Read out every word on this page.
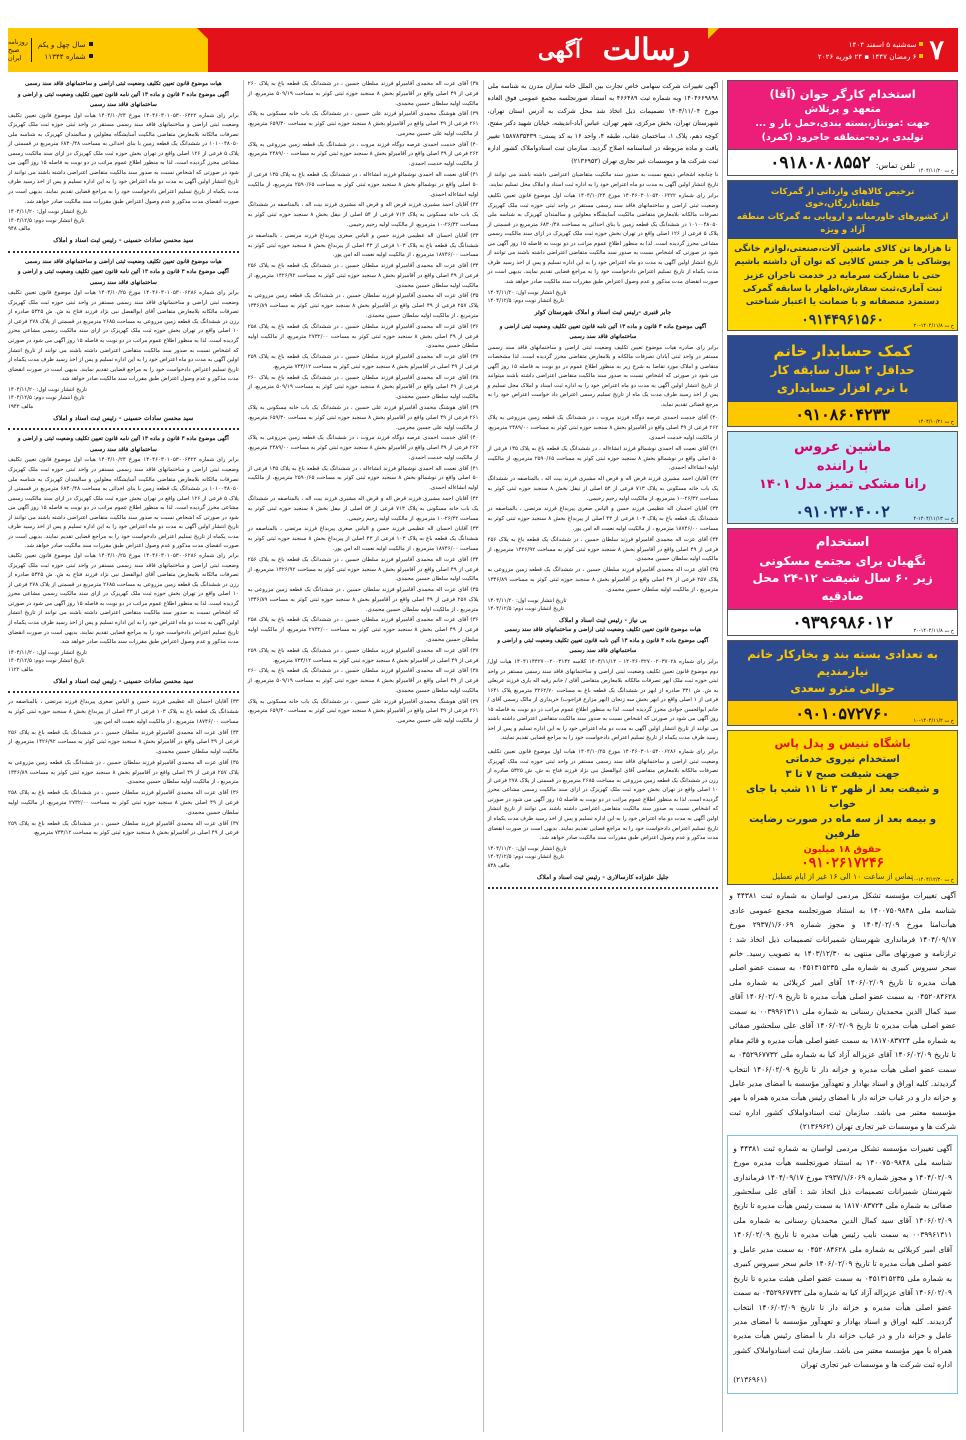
۷
سه‌شنبه ۵ اسفند ۱۴۰۴
۶ رمضان ۱۴۴۷ ▪ ۲۴ فوریه ۲۰۲۶
آگهی رسالت
سال چهل و یکم
شماره ۱۱۳۴۴
روزنامه
صبح
ایران
هیات موضوع قانون تعیین تکلیف وضعیت ثبتی اراضی و ساختمانهای فاقد سند رسمی
آگهی موضوع ماده ۳ قانون و ماده ۱۳ آئین نامه قانون تعیین تکلیف وضعیت ثبتی و اراضی و
ساختمانهای فاقد سند رسمی
برابر رای شماره ۱۴۰۴۶۰۳۰۱۰۵۳۰۰۶۴۲۲ مورخ ۱۴۰۴/۱۰/۲۴ هیات اول موضوع قانون تعیین تکلیف وضعیت ثبتی اراضی و ساختمانهای فاقد سند رسمی مستقر در واحد ثبتی حوزه ثبت ملک کهریزک تصرفات مالکانه بلامعارض متقاضی مالکیت آسایشگاه معلولین و سالمندان کهریزک به شناسه ملی ۱۰۱۰۰۴۸۰۵۰ در ششدانگ یک قطعه زمین با بنای احداثی به مساحت ۶۸۳۰/۴۸ مترمربع در قسمتی از پلاک ۵ فرعی از ۱۲۶ اصلی واقع در تهران بخش حوزه ثبت ملک کهریزک در ازای سند مالکیت رسمی مشاعی محرز گردیده است. لذا به منظور اطلاع عموم مراتب در دو نوبت به فاصله ۱۵ روز آگهی می شود در صورتی که اشخاص نسبت به صدور سند مالکیت متقاضی اعتراضی داشته باشند می توانند از تاریخ انتشار اولین آگهی به مدت دو ماه اعتراض خود را به این اداره تسلیم و پس از اخذ رسید ظرف مدت یکماه از تاریخ تسلیم اعتراض دادخواست خود را به مراجع قضایی تقدیم نمایند. بدیهی است در صورت انقضای مدت مذکور و عدم وصول اعتراض طبق مقررات سند مالکیت صادر خواهد شد.
تاریخ انتشار نوبت اول: ۱۴۰۴/۱۱/۲۰
تاریخ انتشار نوبت دوم: ۱۴۰۴/۱۲/۵
مالف ۹۴۸
سید محسن سادات حسینی - رئیس ثبت اسناد و املاک
هیات موضوع قانون تعیین تکلیف وضعیت ثبتی اراضی و ساختمانهای فاقد سند رسمی
آگهی موضوع ماده ۳ قانون و ماده ۱۳ آئین نامه قانون تعیین تکلیف وضعیت ثبتی و اراضی و
ساختمانهای فاقد سند رسمی
برابر رای شماره ۱۴۰۴۶۰۳۰۱۰۵۳۰۰۶۲۸۶ مورخ ۱۴۰۴/۱۰/۲۵ هیات اول موضوع قانون تعیین تکلیف وضعیت ثبتی اراضی و ساختمانهای فاقد سند رسمی مستقر در واحد ثبتی حوزه ثبت ملک کهریزک تصرفات مالکانه بلامعارض متقاضی آقای ابوالفضل نبی نژاد فرزند فتاح به ش. ش ۵۳۲۵ صادره از رزن در ششدانگ یک قطعه زمین مزروعی به مساحت ۲۶۸۵ مترمربع در قسمتی از پلاک ۲۷۸ فرعی از ۱۰ اصلی واقع در تهران بخش حوزه ثبت ملک کهریزک در ازای سند مالکیت رسمی مشاعی محرز گردیده است. لذا به منظور اطلاع عموم مراتب در دو نوبت به فاصله ۱۵ روز آگهی می شود در صورتی که اشخاص نسبت به صدور سند مالکیت متقاضی اعتراضی داشته باشند می توانند از تاریخ انتشار اولین آگهی به مدت دو ماه اعتراض خود را به این اداره تسلیم و پس از اخذ رسید ظرف مدت یکماه از تاریخ تسلیم اعتراض دادخواست خود را به مراجع قضایی تقدیم نمایند. بدیهی است در صورت انقضای مدت مذکور و عدم وصول اعتراض طبق مقررات سند مالکیت صادر خواهد شد.
تاریخ انتشار نوبت اول: ۱۴۰۴/۱۱/۲۰
تاریخ انتشار نوبت دوم: ۱۴۰۴/۱۲/۵
مالف ۱۹۴۲
سید محسن سادات حسینی - رئیس ثبت اسناد و املاک
آگهی موضوع ماده ۳ قانون و ماده ۱۳ آئین نامه قانون تعیین تکلیف وضعیت ثبتی و اراضی و
ساختمانهای فاقد سند رسمی
برابر رای شماره ۱۴۰۴۶۰۳۰۱۰۵۳۰۰۶۴۲۲ مورخ ۱۴۰۴/۱۰/۲۴ هیات اول موضوع قانون تعیین تکلیف وضعیت ثبتی اراضی و ساختمانهای فاقد سند رسمی مستقر در واحد ثبتی حوزه ثبت ملک کهریزک تصرفات مالکانه بلامعارض متقاضی مالکیت آسایشگاه معلولین و سالمندان کهریزک به شناسه ملی ۱۰۱۰۰۴۸۰۵۰ در ششدانگ یک قطعه زمین با بنای احداثی به مساحت ۶۸۳۰/۴۸ مترمربع در قسمتی از پلاک ۵ فرعی از ۱۲۶ اصلی واقع در تهران بخش حوزه ثبت ملک کهریزک در ازای سند مالکیت رسمی مشاعی محرز گردیده است. لذا به منظور اطلاع عموم مراتب در دو نوبت به فاصله ۱۵ روز آگهی می شود در صورتی که اشخاص نسبت به صدور سند مالکیت متقاضی اعتراضی داشته باشند می توانند از تاریخ انتشار اولین آگهی به مدت دو ماه اعتراض خود را به این اداره تسلیم و پس از اخذ رسید ظرف مدت یکماه از تاریخ تسلیم اعتراض دادخواست خود را به مراجع قضایی تقدیم نمایند. بدیهی است در صورت انقضای مدت مذکور و عدم وصول اعتراض طبق مقررات سند مالکیت صادر خواهد شد.
برابر رای شماره ۱۴۰۴۶۰۳۰۱۰۵۳۰۰۶۲۸۶ مورخ ۱۴۰۴/۱۰/۲۵ هیات اول موضوع قانون تعیین تکلیف وضعیت ثبتی اراضی و ساختمانهای فاقد سند رسمی مستقر در واحد ثبتی حوزه ثبت ملک کهریزک تصرفات مالکانه بلامعارض متقاضی آقای ابوالفضل نبی نژاد فرزند فتاح به ش. ش ۵۳۲۵ صادره از رزن در ششدانگ یک قطعه زمین مزروعی به مساحت ۲۶۸۵ مترمربع در قسمتی از پلاک ۲۷۸ فرعی از ۱۰ اصلی واقع در تهران بخش حوزه ثبت ملک کهریزک در ازای سند مالکیت رسمی مشاعی محرز گردیده است. لذا به منظور اطلاع عموم مراتب در دو نوبت به فاصله ۱۵ روز آگهی می شود در صورتی که اشخاص نسبت به صدور سند مالکیت متقاضی اعتراضی داشته باشند می توانند از تاریخ انتشار اولین آگهی به مدت دو ماه اعتراض خود را به این اداره تسلیم و پس از اخذ رسید ظرف مدت یکماه از تاریخ تسلیم اعتراض دادخواست خود را به مراجع قضایی تقدیم نمایند. بدیهی است در صورت انقضای مدت مذکور و عدم وصول اعتراض طبق مقررات سند مالکیت صادر خواهد شد.
تاریخ انتشار نوبت اول: ۱۴۰۴/۱۱/۲۰
تاریخ انتشار نوبت دوم: ۱۴۰۴/۱۲/۵
مالف ۱۱۲۲
سید محسن سادات حسینی - رئیس ثبت اسناد و املاک

۳۳) آقایان احسان اله عظیمی فرزند حسن و الیاس صغری پیربداغ فرزند مرتضی ، بالمناصفه در ششدانگ یک قطعه باغ به پلاک ۱۰۳ فرعی از ۴۳ اصلی از پیربداغ بخش ۸ سنجبد حوزه ثبتی کوثر به مساحت ۱۸۷۴۶/۰۰ مترمربع ، از مالکیت اولیه نعمت اله امن پور.

۳۴) آقای عزت اله محمدی آقامیرلو فرزند سلطان حسین ، در ششدانگ یک قطعه باغ به پلاک ۲۵۶ فرعی از ۴۹ اصلی واقع در آقامیرلو بخش ۸ سنجبد حوزه ثبتی کوثر به مساحت ۱۴۲۶/۹۲ مترمربع، از مالکیت اولیه سلطان حسین محمدی.

۳۵) آقای عزت اله محمدی آقامیرلو فرزند سلطان حسین ، در ششدانگ یک قطعه زمین مزروعی به پلاک ۲۵۷ فرعی از ۴۹ اصلی واقع در آقامیرلو بخش ۸ سنجبد حوزه ثبتی کوثر به مساحت ۱۳۴۶/۸۹ مترمربع ، از مالکیت اولیه سلطان حسین محمدی.

۳۶) آقای عزت اله محمدی آقامیرلو فرزند سلطان حسین ، در ششدانگ یک قطعه باغ به پلاک ۲۵۸ فرعی از ۴۹ اصلی بخش ۸ سنجبد حوزه ثبتی کوثر به مساحت ۲۷۳۲/۰۰ مترمربع، از مالکیت اولیه سلطان حسین محمدی.

۳۷) آقای عزت اله محمدی آقامیرلو فرزند سلطان حسین ، در ششدانگ یک قطعه باغ به پلاک ۲۵۹ فرعی از ۴۹ اصلی در آقامیرلو بخش ۸ سنجبد حوزه ثبتی کوثر به مساحت ۷۳۴/۱۲ مترمربع،

۳۸) آقای عزت اله محمدی آقامیرلو فرزند سلطان حسین ، در ششدانگ یک قطعه باغ به پلاک ۲۶۰ فرعی از ۴۹ اصلی واقع در آقامیرلو بخش ۸ سنجبد حوزه ثبتی کوثر به مساحت ۵۰۹/۱۹ مترمربع، از مالکیت اولیه سلطان حسین محمدی.

۳۹) آقای هوشنگ محمدی آقامیرلو فرزند علی حسین ، در ششدانگ یک باب خانه مسکونی به پلاک ۲۶۱ فرعی از ۴۹ اصلی واقع در آقامیرلو بخش ۸ سنجبد حوزه ثبتی کوثر به مساحت ۶۵۹/۳۰ مترمربع، از مالکیت اولیه علی حسین محرمی.

۴۰) آقای خدمت احمدی عرصه دوگاه فرزند مروت ، در ششدانگ یک قطعه زمین مزروعی به پلاک ۲۶۲ فرعی از ۴۹ اصلی واقع در آقامیرلو بخش ۸ سنجبد حوزه ثبتی کوثر به مساحت ۲۴۸۹/۰۰ مترمربع، از مالکیت اولیه خدمت احمدی.

۴۱) آقای نعمت اله احمدی نوشمالو فرزند انشاءاله ، در ششدانگ یک قطعه باغ به پلاک ۱۳۵ فرعی از ۵۰ اصلی واقع در نوشمالو بخش ۸ سنجبد حوزه ثبتی کوثر به مساحت ۲۵۹۰/۶۵ مترمربع، از مالکیت اولیه انشاءاله احمدی.

۴۲) آقایان احمد مشیری فرزند قرض اله و قرض اله مشیری فرزند بیت اله ، بالمناصفه در ششدانگ یک باب خانه مسکونی به پلاک ۷۱۳ فرعی از ۵۴ اصلی از نیفل بخش ۸ سنجبد حوزه ثبتی کوثر به مساحت ۲۶/۳۲-۱۰ مترمربع، از مالکیت اولیه رحیم رحیمی.

۳۳) آقایان احسان اله عظیمی فرزند حسن و الیاس صغری پیربداغ فرزند مرتضی ، بالمناصفه در ششدانگ یک قطعه باغ به پلاک ۱۰۳ فرعی از ۴۳ اصلی از پیربداغ بخش ۸ سنجبد حوزه ثبتی کوثر به مساحت ۱۸۷۴۶/۰۰ مترمربع ، از مالکیت اولیه نعمت اله امن پور.

۳۴) آقای عزت اله محمدی آقامیرلو فرزند سلطان حسین ، در ششدانگ یک قطعه باغ به پلاک ۲۵۶ فرعی از ۴۹ اصلی واقع در آقامیرلو بخش ۸ سنجبد حوزه ثبتی کوثر به مساحت ۱۴۲۶/۹۲ مترمربع، از مالکیت اولیه سلطان حسین محمدی.

۳۵) آقای عزت اله محمدی آقامیرلو فرزند سلطان حسین ، در ششدانگ یک قطعه زمین مزروعی به پلاک ۲۵۷ فرعی از ۴۹ اصلی واقع در آقامیرلو بخش ۸ سنجبد حوزه ثبتی کوثر به مساحت ۱۳۴۶/۸۹ مترمربع ، از مالکیت اولیه سلطان حسین محمدی.

۳۶) آقای عزت اله محمدی آقامیرلو فرزند سلطان حسین ، در ششدانگ یک قطعه باغ به پلاک ۲۵۸ فرعی از ۴۹ اصلی بخش ۸ سنجبد حوزه ثبتی کوثر به مساحت ۲۷۳۲/۰۰ مترمربع، از مالکیت اولیه سلطان حسین محمدی.

۳۷) آقای عزت اله محمدی آقامیرلو فرزند سلطان حسین ، در ششدانگ یک قطعه باغ به پلاک ۲۵۹ فرعی از ۴۹ اصلی در آقامیرلو بخش ۸ سنجبد حوزه ثبتی کوثر به مساحت ۷۳۴/۱۲ مترمربع،

۳۸) آقای عزت اله محمدی آقامیرلو فرزند سلطان حسین ، در ششدانگ یک قطعه باغ به پلاک ۲۶۰ فرعی از ۴۹ اصلی واقع در آقامیرلو بخش ۸ سنجبد حوزه ثبتی کوثر به مساحت ۵۰۹/۱۹ مترمربع، از مالکیت اولیه سلطان حسین محمدی.

۳۹) آقای هوشنگ محمدی آقامیرلو فرزند علی حسین ، در ششدانگ یک باب خانه مسکونی به پلاک ۲۶۱ فرعی از ۴۹ اصلی واقع در آقامیرلو بخش ۸ سنجبد حوزه ثبتی کوثر به مساحت ۶۵۹/۳۰ مترمربع، از مالکیت اولیه علی حسین محرمی.

۴۰) آقای خدمت احمدی عرصه دوگاه فرزند مروت ، در ششدانگ یک قطعه زمین مزروعی به پلاک ۲۶۲ فرعی از ۴۹ اصلی واقع در آقامیرلو بخش ۸ سنجبد حوزه ثبتی کوثر به مساحت ۲۴۸۹/۰۰ مترمربع، از مالکیت اولیه خدمت احمدی.

۴۱) آقای نعمت اله احمدی نوشمالو فرزند انشاءاله ، در ششدانگ یک قطعه باغ به پلاک ۱۳۵ فرعی از ۵۰ اصلی واقع در نوشمالو بخش ۸ سنجبد حوزه ثبتی کوثر به مساحت ۲۵۹۰/۶۵ مترمربع، از مالکیت اولیه انشاءاله احمدی.

۴۲) آقایان احمد مشیری فرزند قرض اله و قرض اله مشیری فرزند بیت اله ، بالمناصفه در ششدانگ یک باب خانه مسکونی به پلاک ۷۱۳ فرعی از ۵۴ اصلی از نیفل بخش ۸ سنجبد حوزه ثبتی کوثر به مساحت ۲۶/۳۲-۱۰ مترمربع، از مالکیت اولیه رحیم رحیمی.

۳۳) آقایان احسان اله عظیمی فرزند حسن و الیاس صغری پیربداغ فرزند مرتضی ، بالمناصفه در ششدانگ یک قطعه باغ به پلاک ۱۰۳ فرعی از ۴۳ اصلی از پیربداغ بخش ۸ سنجبد حوزه ثبتی کوثر به مساحت ۱۸۷۴۶/۰۰ مترمربع ، از مالکیت اولیه نعمت اله امن پور.

۳۴) آقای عزت اله محمدی آقامیرلو فرزند سلطان حسین ، در ششدانگ یک قطعه باغ به پلاک ۲۵۶ فرعی از ۴۹ اصلی واقع در آقامیرلو بخش ۸ سنجبد حوزه ثبتی کوثر به مساحت ۱۴۲۶/۹۲ مترمربع، از مالکیت اولیه سلطان حسین محمدی.

۳۵) آقای عزت اله محمدی آقامیرلو فرزند سلطان حسین ، در ششدانگ یک قطعه زمین مزروعی به پلاک ۲۵۷ فرعی از ۴۹ اصلی واقع در آقامیرلو بخش ۸ سنجبد حوزه ثبتی کوثر به مساحت ۱۳۴۶/۸۹ مترمربع ، از مالکیت اولیه سلطان حسین محمدی.

۳۶) آقای عزت اله محمدی آقامیرلو فرزند سلطان حسین ، در ششدانگ یک قطعه باغ به پلاک ۲۵۸ فرعی از ۴۹ اصلی بخش ۸ سنجبد حوزه ثبتی کوثر به مساحت ۲۷۳۲/۰۰ مترمربع، از مالکیت اولیه سلطان حسین محمدی.

۳۷) آقای عزت اله محمدی آقامیرلو فرزند سلطان حسین ، در ششدانگ یک قطعه باغ به پلاک ۲۵۹ فرعی از ۴۹ اصلی در آقامیرلو بخش ۸ سنجبد حوزه ثبتی کوثر به مساحت ۷۳۴/۱۲ مترمربع،

۳۸) آقای عزت اله محمدی آقامیرلو فرزند سلطان حسین ، در ششدانگ یک قطعه باغ به پلاک ۲۶۰ فرعی از ۴۹ اصلی واقع در آقامیرلو بخش ۸ سنجبد حوزه ثبتی کوثر به مساحت ۵۰۹/۱۹ مترمربع، از مالکیت اولیه سلطان حسین محمدی.

۳۹) آقای هوشنگ محمدی آقامیرلو فرزند علی حسین ، در ششدانگ یک باب خانه مسکونی به پلاک ۲۶۱ فرعی از ۴۹ اصلی واقع در آقامیرلو بخش ۸ سنجبد حوزه ثبتی کوثر به مساحت ۶۵۹/۳۰ مترمربع، از مالکیت اولیه علی حسین محرمی.

آگهی تغییرات شرکت سهامی خاص تجارت بین الملل خانه سازان مدرن به شناسه ملی ۱۴۰۴۶۶۹۸۹۸ وبه شماره ثبت ۴۶۶۴۸۹ به استناد صورتجلسه مجمع عمومی فوق العاده مورخ ۱۴۰۴/۱۱/۰۴ تصمیمات ذیل اتخاذ شد محل شرکت به آدرس استان تهران، شهرستان تهران، بخش مرکزی، شهر تهران، عباس آباد-اندیشه، خیابان شهید دکتر مفتح، کوچه دهم، پلاک ۱، ساختمان عقاب، طبقه ۴، واحد ۱۶ به کد پستی: ۱۵۸۷۸۳۵۴۳۹ تغییر یافت و ماده مربوطه در اساسنامه اصلاح گردید. سازمان ثبت اسنادواملاک کشور اداره ثبت شرکت ها و موسسات غیر تجاری تهران (۲۱۳۶۹۵۳)

نا چنانچه اشخاص ذینفع نسبت به صدور سند مالکیت متقاضیان اعتراضی داشته باشند می توانند از تاریخ انتشار اولین آگهی به مدت دو ماه اعتراض خود را به اداره ثبت اسناد و املاک محل تسلیم نمایند.

برابر رای شماره ۱۴۰۴۶۰۳۰۱۰۵۳۰۰۶۴۲۲ مورخ ۱۴۰۴/۱۰/۲۴ هیات اول موضوع قانون تعیین تکلیف وضعیت ثبتی اراضی و ساختمانهای فاقد سند رسمی مستقر در واحد ثبتی حوزه ثبت ملک کهریزک تصرفات مالکانه بلامعارض متقاضی مالکیت آسایشگاه معلولین و سالمندان کهریزک به شناسه ملی ۱۰۱۰۰۴۸۰۵۰ در ششدانگ یک قطعه زمین با بنای احداثی به مساحت ۶۸۳۰/۴۸ مترمربع در قسمتی از پلاک ۵ فرعی از ۱۲۶ اصلی واقع در تهران بخش حوزه ثبت ملک کهریزک در ازای سند مالکیت رسمی مشاعی محرز گردیده است. لذا به منظور اطلاع عموم مراتب در دو نوبت به فاصله ۱۵ روز آگهی می شود در صورتی که اشخاص نسبت به صدور سند مالکیت متقاضی اعتراضی داشته باشند می توانند از تاریخ انتشار اولین آگهی به مدت دو ماه اعتراض خود را به این اداره تسلیم و پس از اخذ رسید ظرف مدت یکماه از تاریخ تسلیم اعتراض دادخواست خود را به مراجع قضایی تقدیم نمایند. بدیهی است در صورت انقضای مدت مذکور و عدم وصول اعتراض طبق مقررات سند مالکیت صادر خواهد شد.
تاریخ انتشار نوبت اول: ۱۴۰۴/۱۱/۲۰
تاریخ انتشار نوبت دوم: ۱۴۰۴/۱۲/۵
جابر قنبری -رئیس ثبت اسناد و املاک شهرستان کوثر
آگهی موضوع ماده ۳ قانون و ماده ۱۳ آئین نامه قانون تعیین تکلیف وضعیت ثبتی اراضی و
ساختمانهای فاقد سند رسمی
برابر رای صادره هیات موضوع تعیین تکلیف وضعیت ثبتی اراضی و ساختمانهای فاقد سند رسمی مستقر در واحد ثبتی آبادان تصرفات مالکانه و بلامعارض متقاضی محرز گردیده است. لذا مشخصات متقاضی و املاک مورد تقاضا به شرح زیر به منظور اطلاع عموم در دو نوبت به فاصله ۱۵ روز آگهی می شود در صورتی که اشخاص نسبت به صدور سند مالکیت متقاضی اعتراضی داشته باشند میتوانند از تاریخ انتشار اولین آگهی به مدت دو ماه اعتراض خود را به اداره ثبت اسناد و املاک محل تسلیم و پس از اخذ رسید ظرف مدت یک ماه از تاریخ تسلیم رسمی اعتراض داد خواست اعتراض خود را به مرجع قضائی تقدیم نماید.

۴۰) آقای خدمت احمدی عرصه دوگاه فرزند مروت ، در ششدانگ یک قطعه زمین مزروعی به پلاک ۲۶۲ فرعی از ۴۹ اصلی واقع در آقامیرلو بخش ۸ سنجبد حوزه ثبتی کوثر به مساحت ۲۴۸۹/۰۰ مترمربع، از مالکیت اولیه خدمت احمدی.

۴۱) آقای نعمت اله احمدی نوشمالو فرزند انشاءاله ، در ششدانگ یک قطعه باغ به پلاک ۱۳۵ فرعی از ۵۰ اصلی واقع در نوشمالو بخش ۸ سنجبد حوزه ثبتی کوثر به مساحت ۲۵۹۰/۶۵ مترمربع، از مالکیت اولیه انشاءاله احمدی.

۴۲) آقایان احمد مشیری فرزند قرض اله و قرض اله مشیری فرزند بیت اله ، بالمناصفه در ششدانگ یک باب خانه مسکونی به پلاک ۷۱۳ فرعی از ۵۴ اصلی از نیفل بخش ۸ سنجبد حوزه ثبتی کوثر به مساحت ۲۶/۳۲-۱۰ مترمربع، از مالکیت اولیه رحیم رحیمی.

۳۳) آقایان احسان اله عظیمی فرزند حسن و الیاس صغری پیربداغ فرزند مرتضی ، بالمناصفه در ششدانگ یک قطعه باغ به پلاک ۱۰۳ فرعی از ۴۳ اصلی از پیربداغ بخش ۸ سنجبد حوزه ثبتی کوثر به مساحت ۱۸۷۴۶/۰۰ مترمربع ، از مالکیت اولیه نعمت اله امن پور.

۳۴) آقای عزت اله محمدی آقامیرلو فرزند سلطان حسین ، در ششدانگ یک قطعه باغ به پلاک ۲۵۶ فرعی از ۴۹ اصلی واقع در آقامیرلو بخش ۸ سنجبد حوزه ثبتی کوثر به مساحت ۱۴۲۶/۹۲ مترمربع، از مالکیت اولیه سلطان حسین محمدی.

۳۵) آقای عزت اله محمدی آقامیرلو فرزند سلطان حسین ، در ششدانگ یک قطعه زمین مزروعی به پلاک ۲۵۷ فرعی از ۴۹ اصلی واقع در آقامیرلو بخش ۸ سنجبد حوزه ثبتی کوثر به مساحت ۱۳۴۶/۸۹ مترمربع ، از مالکیت اولیه سلطان حسین محمدی.

تاریخ انتشار نوبت اول: ۱۴۰۴/۱۱/۲۰
تاریخ انتشار نوبت دوم: ۱۴۰۴/۱۲/۵
بی نیاز - رئیس ثبت اسناد و املاک
هیات موضوع قانون تعیین تکلیف وضعیت ثبتی اراضی و ساختمانهای فاقد سند رسمی
آگهی موضوع ماده ۳ قانون و ماده ۱۳ آئین نامه قانون تعیین تکلیف وضعیت ثبتی و اراضی و
ساختمانهای فاقد سند رسمی
برابر رای شماره ۱۴۰۴۶۰۳۲۷۰۰۲۰۳۷۰۲۸ - ۱۴۰۴/۱۱/۱۴ کلاسه ۱۴۰۴۱۱۴۴۲۷۰۰۲۰۰۳۱۴۲ هیات اول/دوم موضوع قانون تعیین تکلیف وضعیت ثبتی اراضی و ساختمانهای فاقد سند رسمی مستقر در واحد ثبتی حوزه ثبت ملک ابهر تصرفات مالکانه بلامعارض متقاضی آقای / خانم رقیه اله یاری فرزند عربعلی به ش. ش ۳۳۱ صادره از ابهر در ششدانگ یک قطعه باغ به مساحت ۳۲۶۲/۷۰ مترمربع پلاک ۱۶۴۱ فرعی از ۱ اصلی واقع در ابهر بخش سه زنجان (ابهر مزارع قراجوب) خریداری از مالک رسمی آقای / خانم ابوالحسن جوادی محرز گردیده است. لذا به منظور اطلاع عموم مراتب در دو نوبت به فاصله ۱۵ روز آگهی می شود در صورتی که اشخاص نسبت به صدور سند مالکیت متقاضی اعتراضی داشته باشند می توانند از تاریخ انتشار اولین آگهی به مدت دو ماه اعتراض خود را به این اداره تسلیم و پس از اخذ رسید ظرف مدت یکماه از تاریخ تسلیم اعتراض دادخواست خود را به مراجع قضایی تقدیم نمایند.
برابر رای شماره ۱۴۰۴۶۰۳۰۱۰۵۳۰۰۶۲۸۶ مورخ ۱۴۰۴/۱۰/۲۵ هیات اول موضوع قانون تعیین تکلیف وضعیت ثبتی اراضی و ساختمانهای فاقد سند رسمی مستقر در واحد ثبتی حوزه ثبت ملک کهریزک تصرفات مالکانه بلامعارض متقاضی آقای ابوالفضل نبی نژاد فرزند فتاح به ش. ش ۵۳۲۵ صادره از رزن در ششدانگ یک قطعه زمین مزروعی به مساحت ۲۶۸۵ مترمربع در قسمتی از پلاک ۲۷۸ فرعی از ۱۰ اصلی واقع در تهران بخش حوزه ثبت ملک کهریزک در ازای سند مالکیت رسمی مشاعی محرز گردیده است. لذا به منظور اطلاع عموم مراتب در دو نوبت به فاصله ۱۵ روز آگهی می شود در صورتی که اشخاص نسبت به صدور سند مالکیت متقاضی اعتراضی داشته باشند می توانند از تاریخ انتشار اولین آگهی به مدت دو ماه اعتراض خود را به این اداره تسلیم و پس از اخذ رسید ظرف مدت یکماه از تاریخ تسلیم اعتراض دادخواست خود را به مراجع قضایی تقدیم نمایند. بدیهی است در صورت انقضای مدت مذکور و عدم وصول اعتراض طبق مقررات سند مالکیت صادر خواهد شد.
تاریخ انتشار نوبت اول: ۱۴۰۴/۱۱/۲۰
تاریخ انتشار نوبت دوم: ۱۴۰۴/۱۲/۵
مالف ۸۳۸
جلیل علیزاده کارسالاری - رئیس ثبت اسناد و املاک
استخدام کارگر جوان (آقا)
متعهد و پرتلاش
جهت :مونتاژ،بسته بندی،حمل بار و ...
تولیدی پرده-منطقه جاجرود (کمرد)
تلفن تماس: ۰۹۱۸۰۸۰۸۵۵۲	خ ت ۱۴۰۴/۱۱/۲۰
ترخیص کالاهای وارداتی از گمرکات جلفا،بازرگان،خوی
از کشورهای خاورمیانه و اروپایی به گمرکات منطقه آزاد و ویژه
تا هزارها تن کالای ماشین آلات،صنعتی،لوازم خانگی
پوشاکی یا هر جنس کالایی که توان آن داشته باشیم
حتی با مشارکت سرمایه در خدمت تاجران عزیز
ثبت آماری،ثبت سفارش،اظهار با سابقه گمرکی
دستمزد منصفانه و با ضمانت یا اعتبار شناختی
۰۹۱۴۴۹۶۱۵۶۰	خ ت ۱۴۰۴/۱۱/۸-۲۰
کمک حسابدار خانم
حداقل ۲ سال سابقه کار
با نرم افزار حسابداری
۰۹۱۰۸۶۰۴۲۳۳	خ ت ۱۴۰۴/۱۰/۲۱
ماشین عروس
با راننده
رانا مشکی تمیز مدل ۱۴۰۱
۰۹۱۰۲۳۰۴۰۰۲	خ ت ۱۴۰۴/۱۱/۱۳-۴
استخدام
نگهبان برای مجتمع مسکونی
زیر ۶۰ سال شیفت ۱۲-۲۴ محل صادقیه
۰۹۳۹۶۹۸۶۰۱۲	خ ت ۱۴۰۴/۱۱/۸-۲۰
به تعدادی بسته بند و بخارکار خانم نیازمندیم
حوالی مترو سعدی
۰۹۰۱۰۵۷۲۷۶۰	خ ت ۱۴۰۴/۱۱/۲-۱۰
باشگاه تنیس و پدل پاس
استخدام نیروی خدماتی
جهت شیفت صبح ۷ تا ۳
و شیفت بعد از ظهر ۳ تا ۱۱ شب با جای خواب
و بیمه بعد از سه ماه در صورت رضایت طرفین
حقوق ۱۸ میلیون
۰۹۱۰۲۶۱۷۲۴۶
تماس از ساعت ۱۰ الی ۱۶ غیر از ایام تعطیل
خ ت ۱۴۰۴/۱۲/۳۰-۱۰
آگهی تغییرات مؤسسه تشکل مردمی لواسان به شماره ثبت ۴۴۳۸۱ و شناسه ملی ۱۴۰۰۷۵۰۹۸۴۸ به استناد صورتجلسه مجمع عمومی عادی هیأت‌امنا مورخ ۱۴۰۴/۰۲/۰۹ و مجوز شماره ۲۹۳۷/۱/۶۰۶۹ مورخ ۱۴۰۴/۰۹/۱۷ فرمانداری شهرستان شمیرانات تصمیمات ذیل اتخاذ شد : ترازنامه و صورتهای مالی منتهی به ۱۴۰۳/۱۲/۳۰ به تصویب رسید. خانم سحر سیروس کبیری به شماره ملی ۰۴۵۱۳۱۵۲۳۵ به سمت عضو اصلی هیأت مدیره تا تاریخ ۱۴۰۶/۰۲/۰۹ آقای امیر کربلائی به شماره ملی ۰۴۵۲۰۸۴۶۲۸ به سمت عضو اصلی هیأت مدیره تا تاریخ ۱۴۰۶/۰۲/۰۹ آقای سید کمال الدین محمدیان رسنانی به شماره ملی ۰۰۳۹۹۶۱۳۱۱ به سمت عضو اصلی هیأت مدیره تا تاریخ ۱۴۰۶/۰۲/۰۹ آقای علی سلحشور صفائی به شماره ملی ۱۸۱۷۰۸۳۷۲۴ به سمت عضو اصلی هیأت مدیره و قائم مقام تا تاریخ ۱۴۰۶/۰۲/۰۹ آقای عزیزاله آزاد کیا به شماره ملی ۰۴۵۲۹۶۷۷۳۲ به سمت عضو اصلی هیأت مدیره و خزانه دار تا تاریخ ۱۴۰۶/۰۲/۰۹ انتخاب گردیدند. کلیه اوراق و اسناد بهادار و تعهدآور مؤسسه با امضای مدیر عامل و خزانه دار و در غیاب خزانه دار با امضای رئیس هیأت مدیره همراه با مهر مؤسسه معتبر می باشد. سازمان ثبت اسنادواملاک کشور اداره ثبت شرکت ها و موسسات غیر تجاری تهران (۲۱۳۶۹۶۲)
آگهی تغییرات مؤسسه تشکل مردمی لواسان به شماره ثبت ۴۴۳۸۱ و شناسه ملی ۱۴۰۰۷۵۰۹۸۴۸ به استناد صورتجلسه هیأت مدیره مورخ ۱۴۰۴/۰۲/۰۹ و مجوز شماره ۲۹۳۷/۱/۶۰۶۹ مورخ ۱۴۰۴/۰۹/۱۷ فرمانداری شهرستان شمیرانات تصمیمات ذیل اتخاذ شد : آقای علی سلحشور صفائی به شماره ملی ۱۸۱۷۰۸۳۷۲۴ به سمت رئیس هیأت مدیره تا تاریخ ۱۴۰۶/۰۲/۰۹ آقای سید کمال الدین محمدیان رسنانی به شماره ملی ۰۰۳۹۹۶۱۳۱۱ به سمت نایب رئیس هیأت مدیره تا تاریخ ۱۴۰۶/۰۲/۰۹ آقای امیر کربلائی به شماره ملی ۰۴۵۲۰۸۴۶۲۸ به سمت مدیر عامل و عضو اصلی هیأت مدیره تا تاریخ ۱۴۰۶/۰۲/۰۹ خانم سحر سیروس کبیری به شماره ملی ۰۴۵۱۳۱۵۲۳۵ به سمت عضو اصلی هیئت مدیره تا تاریخ ۱۴۰۶/۰۲/۰۹ آقای عزیزاله آزاد کیا به شماره ملی ۰۴۵۲۹۶۷۷۳۲ به سمت عضو اصلی هیأت مدیره و خزانه دار تا تاریخ ۱۴۰۶/۰۳/۰۹ انتخاب گردیدند. کلیه اوراق و اسناد بهادار و تعهدآور مؤسسه با امضای مدیر عامل و خزانه دار و در غیاب خزانه دار با امضای رئیس هیأت مدیره همراه با مهر مؤسسه معتبر می باشد. سازمان ثبت اسنادواملاک کشور اداره ثبت شرکت ها و موسسات غیر تجاری تهران
(۲۱۳۶۹۶۱)
